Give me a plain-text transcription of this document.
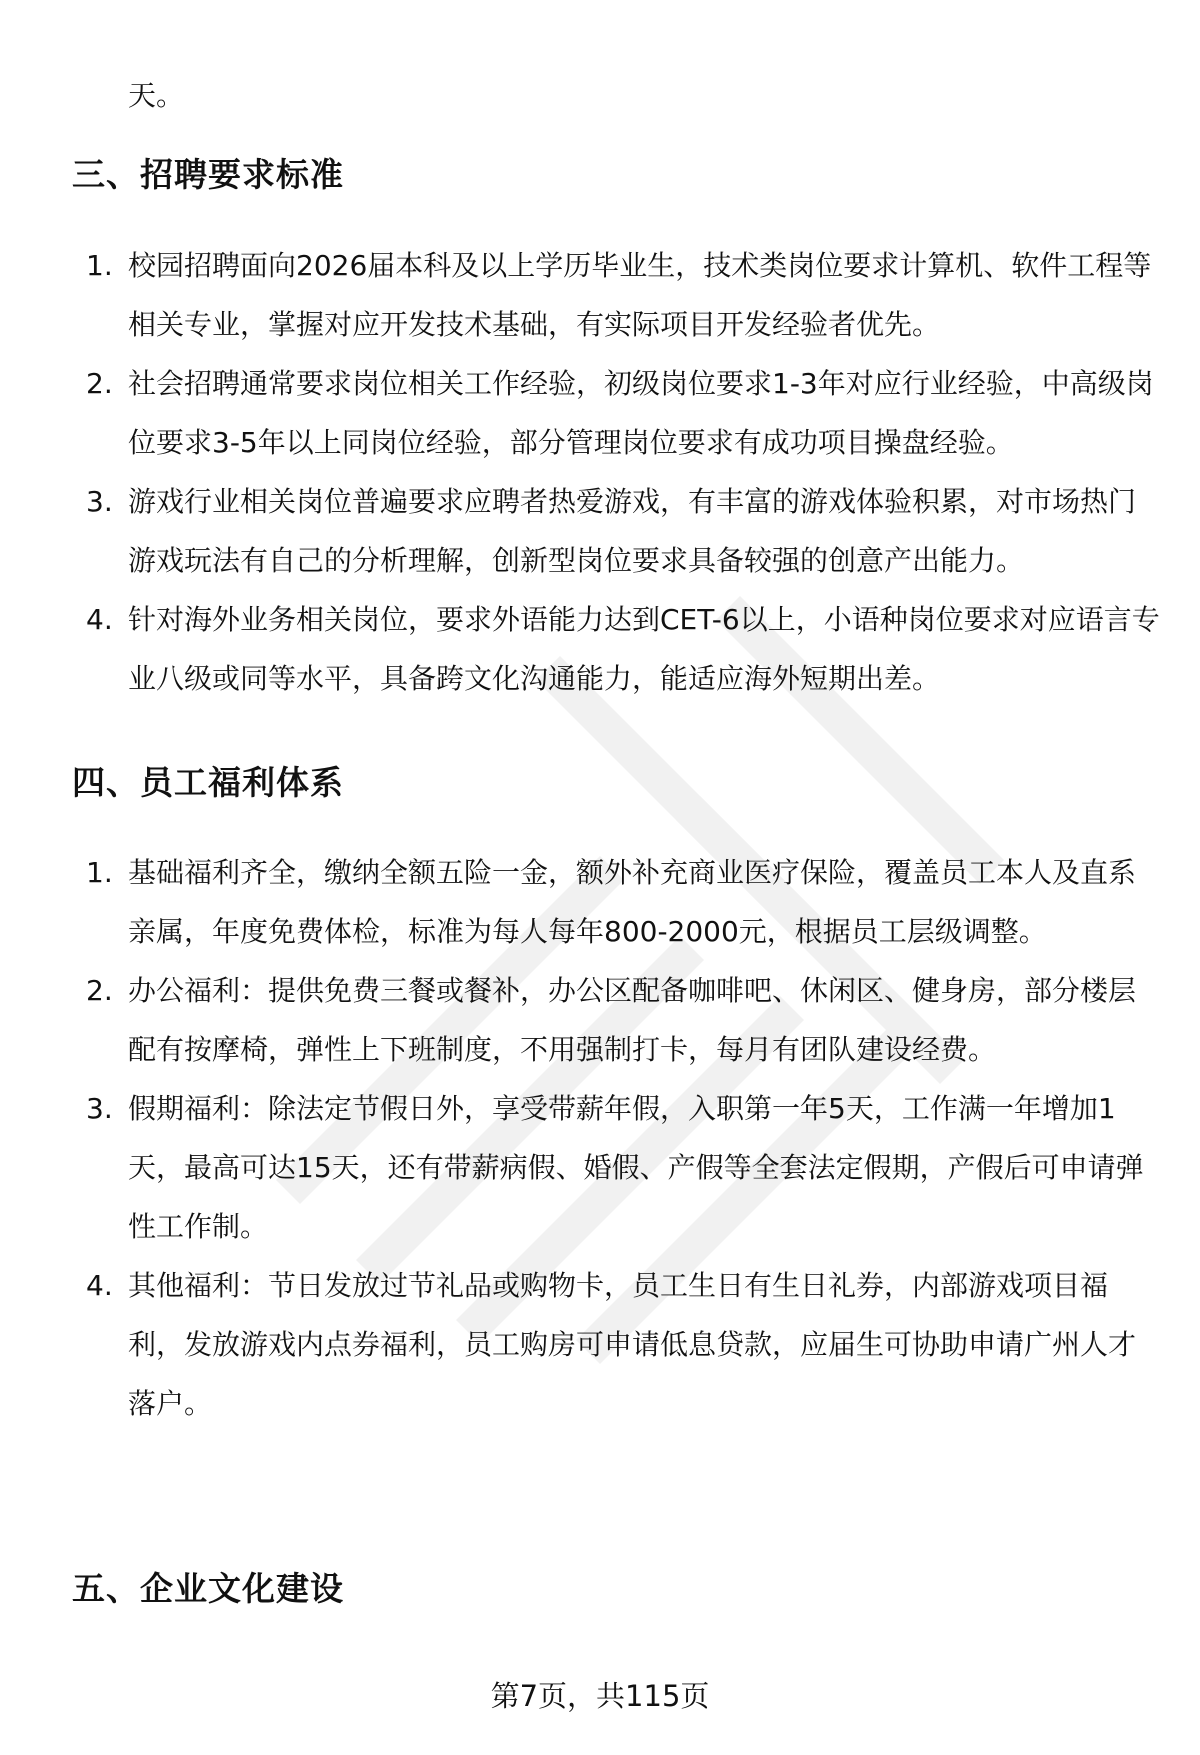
天。
三、招聘要求标准
1. 校园招聘面向2026届本科及以上学历毕业生，技术类岗位要求计算机、软件工程等相关专业，掌握对应开发技术基础，有实际项目开发经验者优先。
2. 社会招聘通常要求岗位相关工作经验，初级岗位要求1-3年对应行业经验，中高级岗位要求3-5年以上同岗位经验，部分管理岗位要求有成功项目操盘经验。
3. 游戏行业相关岗位普遍要求应聘者热爱游戏，有丰富的游戏体验积累，对市场热门游戏玩法有自己的分析理解，创新型岗位要求具备较强的创意产出能力。
4. 针对海外业务相关岗位，要求外语能力达到CET-6以上，小语种岗位要求对应语言专业八级或同等水平，具备跨文化沟通能力，能适应海外短期出差。
四、员工福利体系
1. 基础福利齐全，缴纳全额五险一金，额外补充商业医疗保险，覆盖员工本人及直系亲属，年度免费体检，标准为每人每年800-2000元，根据员工层级调整。
2. 办公福利：提供免费三餐或餐补，办公区配备咖啡吧、休闲区、健身房，部分楼层配有按摩椅，弹性上下班制度，不用强制打卡，每月有团队建设经费。
3. 假期福利：除法定节假日外，享受带薪年假，入职第一年5天，工作满一年增加1天，最高可达15天，还有带薪病假、婚假、产假等全套法定假期，产假后可申请弹性工作制。
4. 其他福利：节日发放过节礼品或购物卡，员工生日有生日礼券，内部游戏项目福利，发放游戏内点券福利，员工购房可申请低息贷款，应届生可协助申请广州人才落户。
五、企业文化建设
第7页，共115页
